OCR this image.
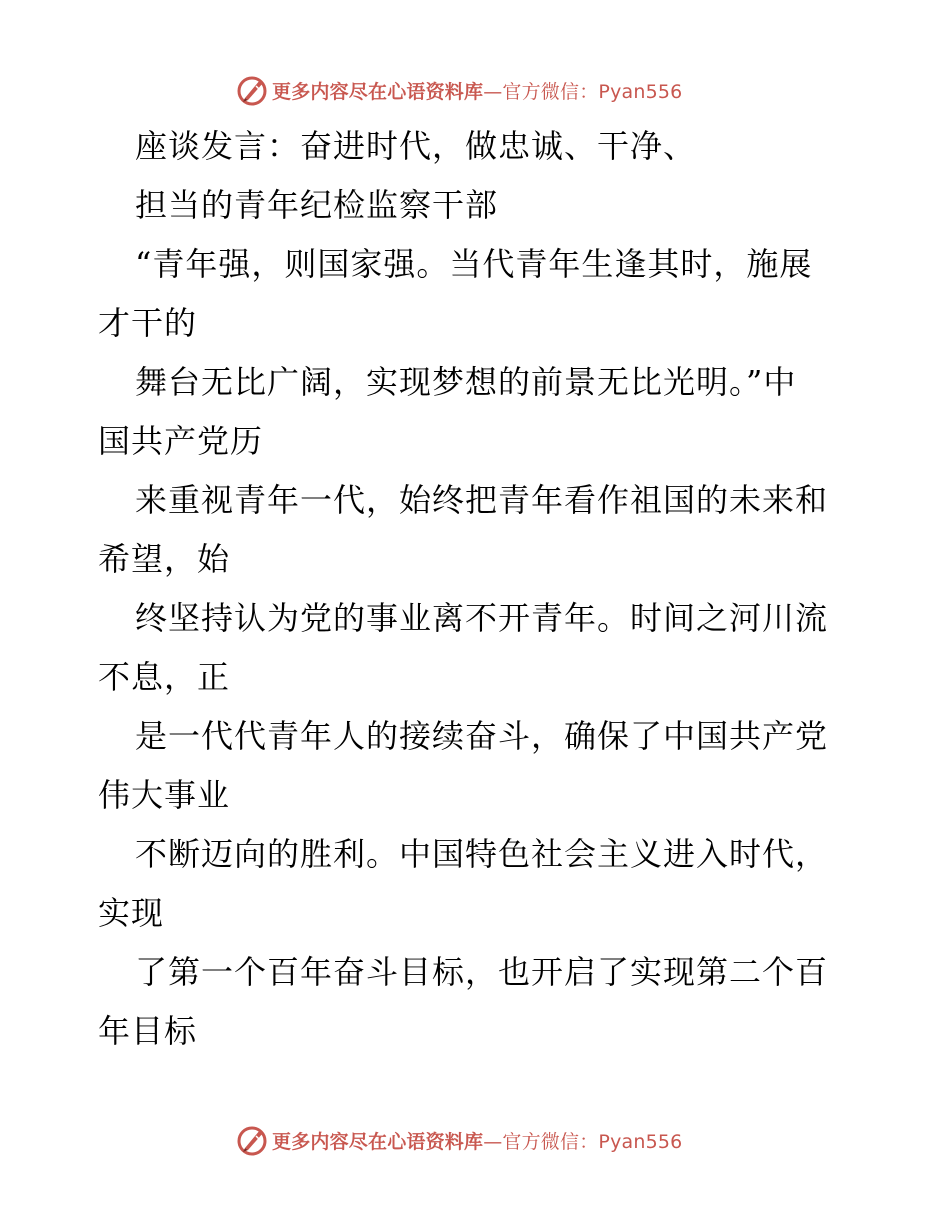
更多内容尽在心语资料库—官方微信：Pyan556
座谈发言：奋进时代，做忠诚、干净、
担当的青年纪检监察干部
“青年强，则国家强。当代青年生逢其时，施展
才干的
舞台无比广阔，实现梦想的前景无比光明。”中
国共产党历
来重视青年一代，始终把青年看作祖国的未来和
希望，始
终坚持认为党的事业离不开青年。时间之河川流
不息，正
是一代代青年人的接续奋斗，确保了中国共产党
伟大事业
不断迈向的胜利。中国特色社会主义进入时代，
实现
了第一个百年奋斗目标，也开启了实现第二个百
年目标
更多内容尽在心语资料库—官方微信：Pyan556
